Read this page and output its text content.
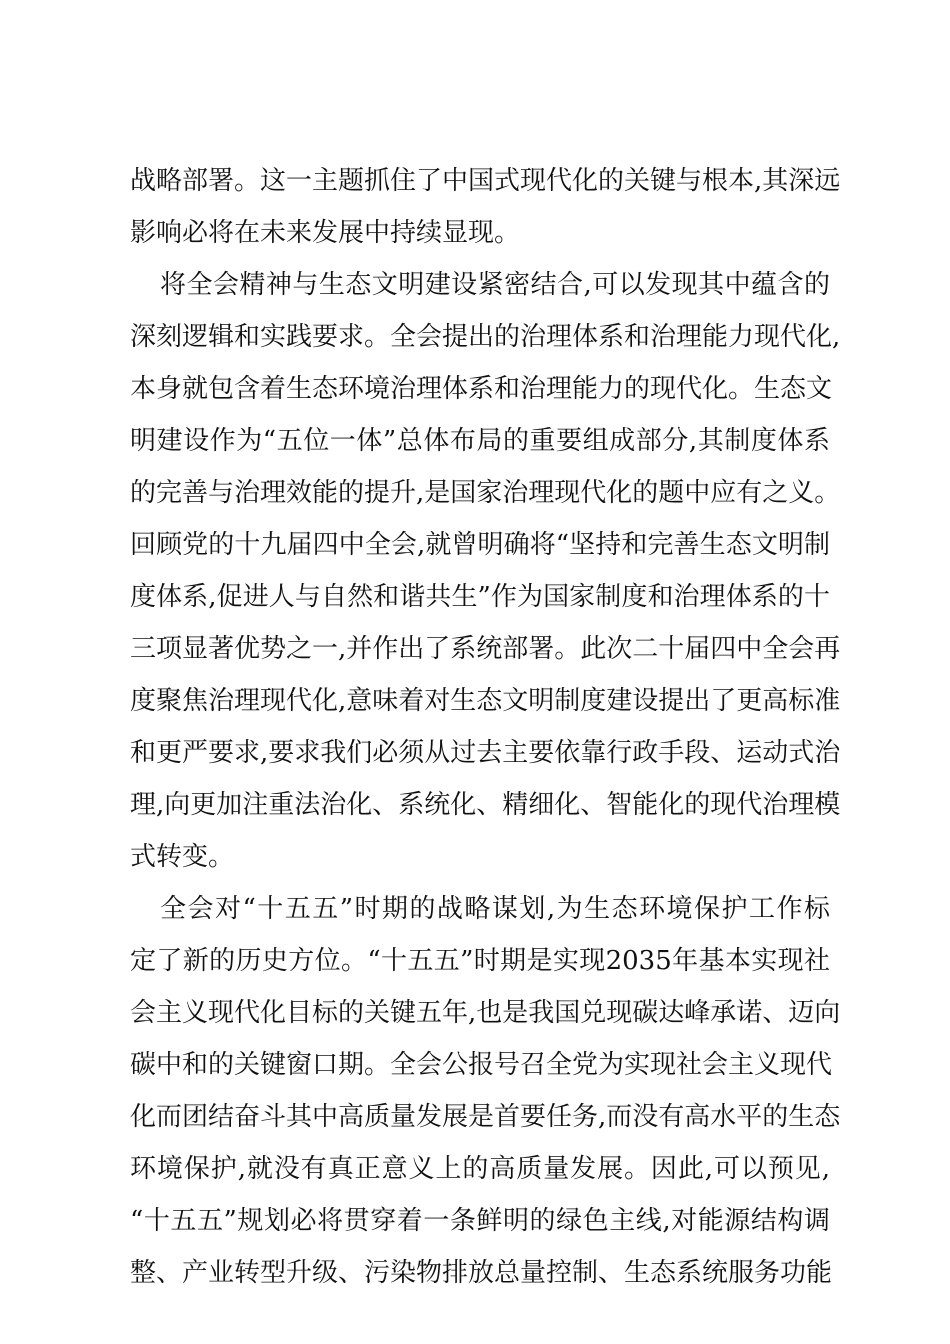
战略部署。这一主题抓住了中国式现代化的关键与根本,其深远
影响必将在未来发展中持续显现。
将全会精神与生态文明建设紧密结合,可以发现其中蕴含的
深刻逻辑和实践要求。全会提出的治理体系和治理能力现代化,
本身就包含着生态环境治理体系和治理能力的现代化。生态文
明建设作为“五位一体”总体布局的重要组成部分,其制度体系
的完善与治理效能的提升,是国家治理现代化的题中应有之义。
回顾党的十九届四中全会,就曾明确将“坚持和完善生态文明制
度体系,促进人与自然和谐共生”作为国家制度和治理体系的十
三项显著优势之一,并作出了系统部署。此次二十届四中全会再
度聚焦治理现代化,意味着对生态文明制度建设提出了更高标准
和更严要求,要求我们必须从过去主要依靠行政手段、运动式治
理,向更加注重法治化、系统化、精细化、智能化的现代治理模
式转变。
全会对“十五五”时期的战略谋划,为生态环境保护工作标
定了新的历史方位。“十五五”时期是实现2035年基本实现社
会主义现代化目标的关键五年,也是我国兑现碳达峰承诺、迈向
碳中和的关键窗口期。全会公报号召全党为实现社会主义现代
化而团结奋斗其中高质量发展是首要任务,而没有高水平的生态
环境保护,就没有真正意义上的高质量发展。因此,可以预见,
“十五五”规划必将贯穿着一条鲜明的绿色主线,对能源结构调
整、产业转型升级、污染物排放总量控制、生态系统服务功能
